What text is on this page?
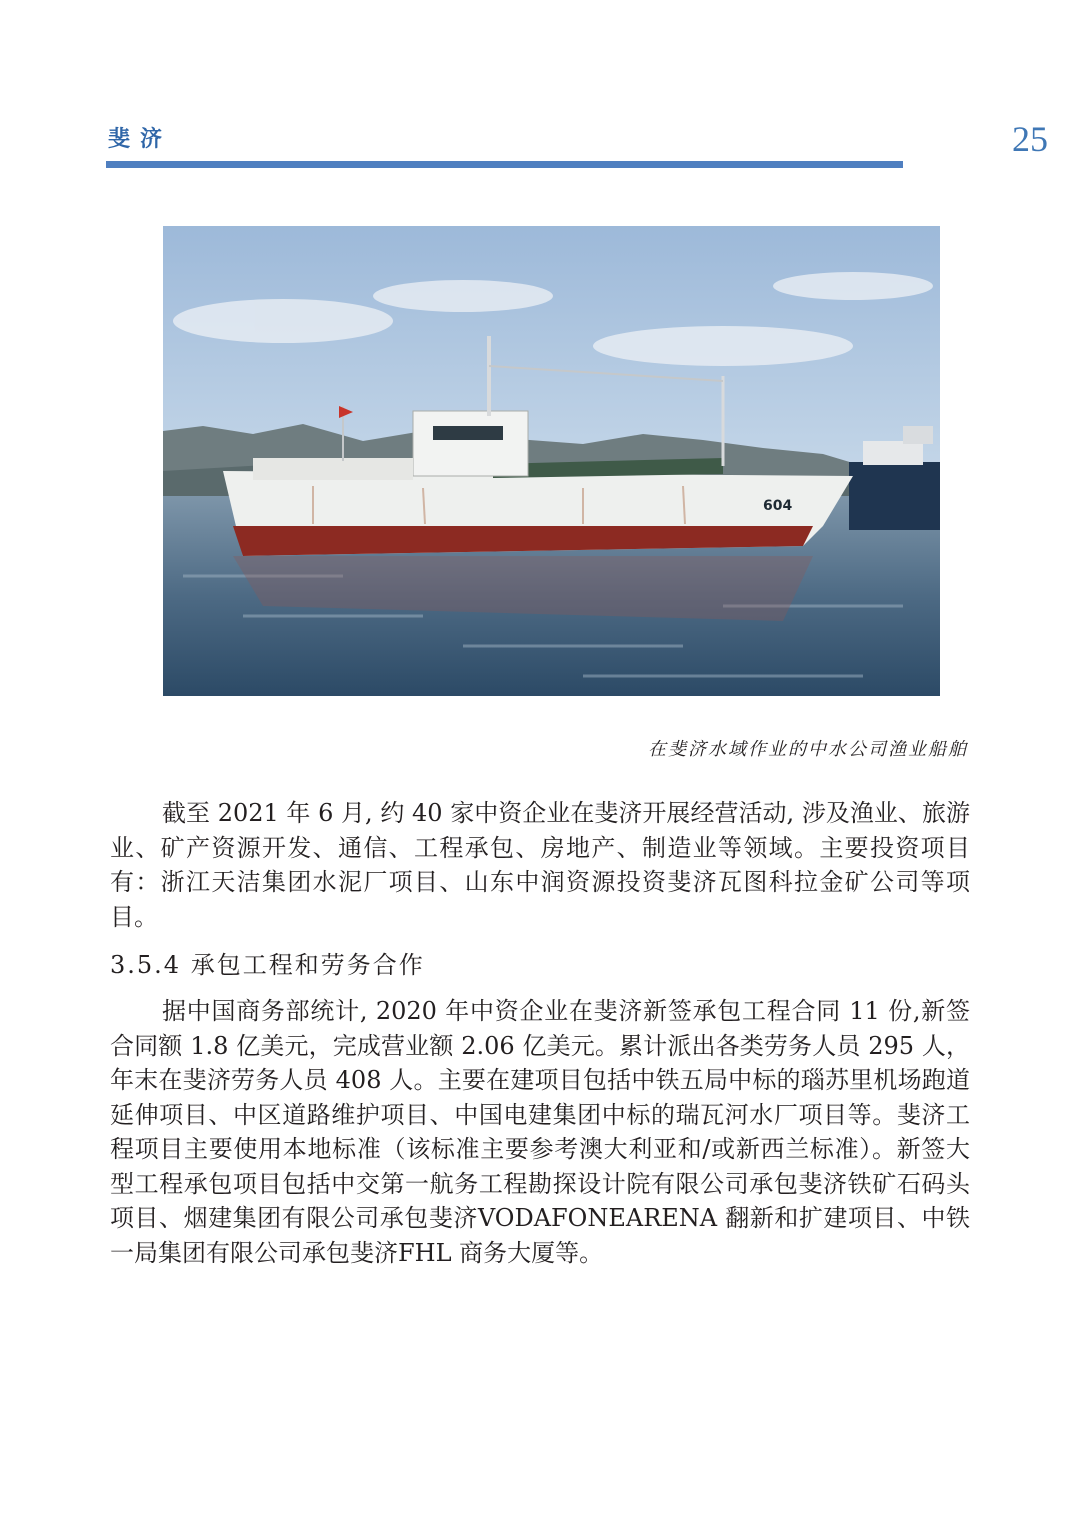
斐济	25
604
在斐济水域作业的中水公司渔业船舶

截至 2021 年 6 月, 约 40 家中资企业在斐济开展经营活动, 涉及渔业、旅游业、矿产资源开发、通信、工程承包、房地产、制造业等领域。主要投资项目有：浙江天洁集团水泥厂项目、山东中润资源投资斐济瓦图科拉金矿公司等项目。

3.5.4 承包工程和劳务合作

据中国商务部统计, 2020 年中资企业在斐济新签承包工程合同 11 份,新签合同额 1.8 亿美元，完成营业额 2.06 亿美元。累计派出各类劳务人员 295 人，年末在斐济劳务人员 408 人。主要在建项目包括中铁五局中标的瑙苏里机场跑道延伸项目、中区道路维护项目、中国电建集团中标的瑞瓦河水厂项目等。斐济工程项目主要使用本地标准（该标准主要参考澳大利亚和/或新西兰标准）。新签大型工程承包项目包括中交第一航务工程勘探设计院有限公司承包斐济铁矿石码头项目、烟建集团有限公司承包斐济VODAFONEARENA 翻新和扩建项目、中铁一局集团有限公司承包斐济FHL 商务大厦等。
